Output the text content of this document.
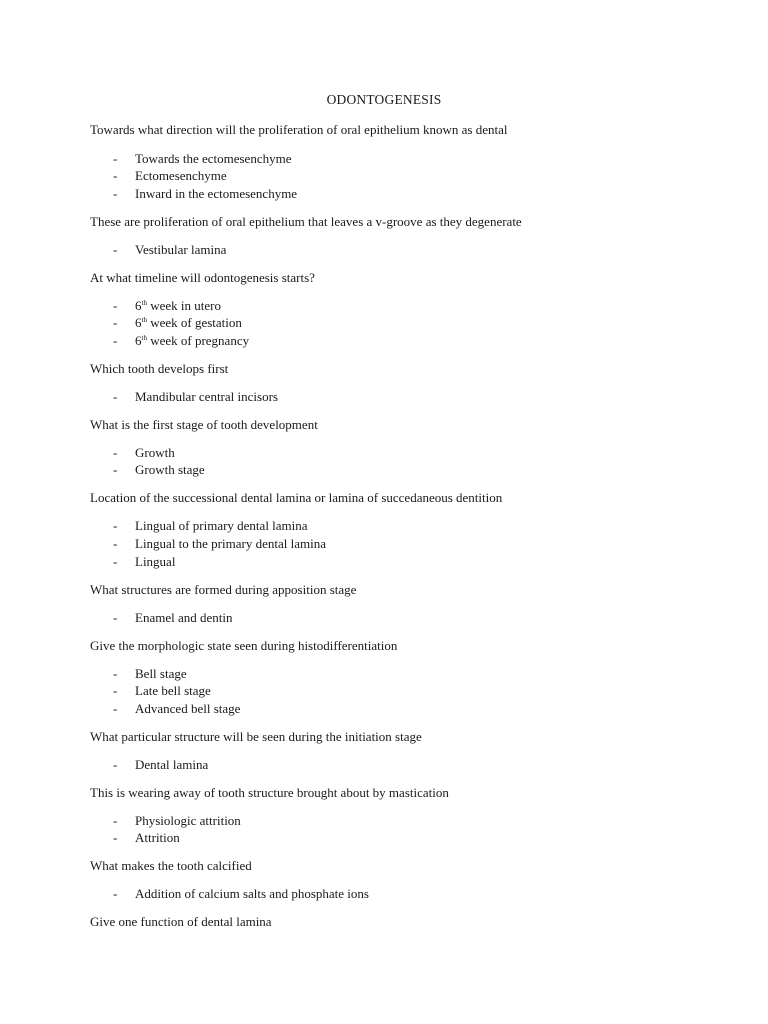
ODONTOGENESIS
Towards what direction will the proliferation of oral epithelium known as dental
- Towards the ectomesenchyme
- Ectomesenchyme
- Inward in the ectomesenchyme
These are proliferation of oral epithelium that leaves a v-groove as they degenerate
- Vestibular lamina
At what timeline will odontogenesis starts?
- 6th week in utero
- 6th week of gestation
- 6th week of pregnancy
Which tooth develops first
- Mandibular central incisors
What is the first stage of tooth development
- Growth
- Growth stage
Location of the successional dental lamina or lamina of succedaneous dentition
- Lingual of primary dental lamina
- Lingual to the primary dental lamina
- Lingual
What structures are formed during apposition stage
- Enamel and dentin
Give the morphologic state seen during histodifferentiation
- Bell stage
- Late bell stage
- Advanced bell stage
What particular structure will be seen during the initiation stage
- Dental lamina
This is wearing away of tooth structure brought about by mastication
- Physiologic attrition
- Attrition
What makes the tooth calcified
- Addition of calcium salts and phosphate ions
Give one function of dental lamina
